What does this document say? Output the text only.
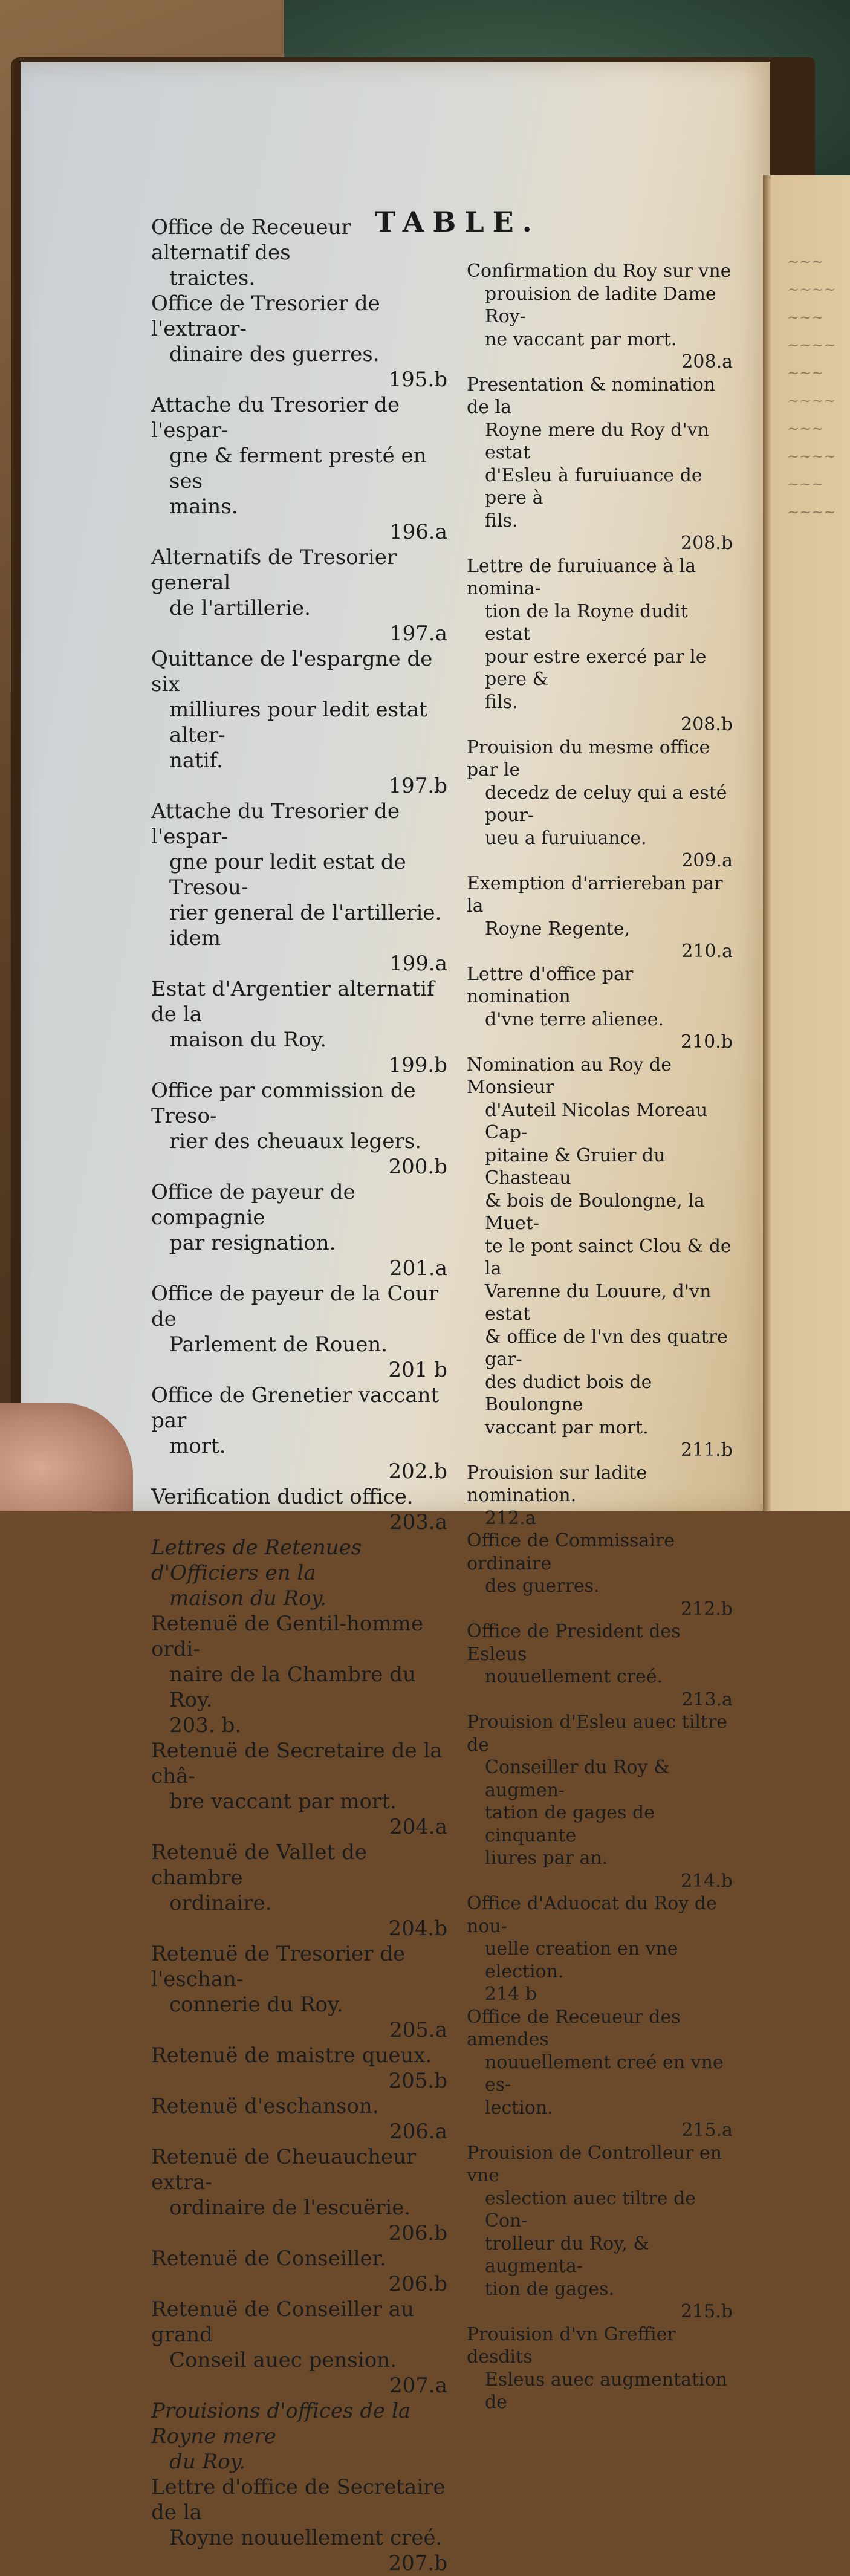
~~~
~~~~
~~~
~~~~
~~~
~~~~
~~~
~~~~
~~~
~~~~
TABLE.
Office de Receueur alternatif des
traictes.
Office de Tresorier de l'extraor-
dinaire des guerres.
195.b
Attache du Tresorier de l'espar-
gne & ferment presté en ses
mains.
196.a
Alternatifs de Tresorier general
de l'artillerie.
197.a
Quittance de l'espargne de six
milliures pour ledit estat alter-
natif.
197.b
Attache du Tresorier de l'espar-
gne pour ledit estat de Tresou-
rier general de l'artillerie.
idem
199.a
Estat d'Argentier alternatif de la
maison du Roy.
199.b
Office par commission de Treso-
rier des cheuaux legers.
200.b
Office de payeur de compagnie
par resignation.
201.a
Office de payeur de la Cour de
Parlement de Rouen.
201 b
Office de Grenetier vaccant par
mort.
202.b
Verification dudict office.
203.a
Lettres de Retenues d'Officiers en la
maison du Roy.
Retenuë de Gentil-homme ordi-
naire de la Chambre du Roy.
203. b.
Retenuë de Secretaire de la châ-
bre vaccant par mort.
204.a
Retenuë de Vallet de chambre
ordinaire.
204.b
Retenuë de Tresorier de l'eschan-
connerie du Roy.
205.a
Retenuë de maistre queux.
205.b
Retenuë d'eschanson.
206.a
Retenuë de Cheuaucheur extra-
ordinaire de l'escuërie.
206.b
Retenuë de Conseiller.
206.b
Retenuë de Conseiller au grand
Conseil auec pension.
207.a
Prouisions d'offices de la Royne mere
du Roy.
Lettre d'office de Secretaire de la
Royne nouuellement creé.
207.b
Confirmation du Roy sur vne
prouision de ladite Dame Roy-
ne vaccant par mort.
208.a
Presentation & nomination de la
Royne mere du Roy d'vn estat
d'Esleu à furuiuance de pere à
fils.
208.b
Lettre de furuiuance à la nomina-
tion de la Royne dudit estat
pour estre exercé par le pere &
fils.
208.b
Prouision du mesme office par le
decedz de celuy qui a esté pour-
ueu a furuiuance.
209.a
Exemption d'arriereban par la
Royne Regente,
210.a
Lettre d'office par nomination
d'vne terre alienee.
210.b
Nomination au Roy de Monsieur
d'Auteil Nicolas Moreau Cap-
pitaine & Gruier du Chasteau
& bois de Boulongne, la Muet-
te le pont sainct Clou & de la
Varenne du Louure, d'vn estat
& office de l'vn des quatre gar-
des dudict bois de Boulongne
vaccant par mort.
211.b
Prouision sur ladite nomination.
212.a
Office de Commissaire ordinaire
des guerres.
212.b
Office de President des Esleus
nouuellement creé.
213.a
Prouision d'Esleu auec tiltre de
Conseiller du Roy & augmen-
tation de gages de cinquante
liures par an.
214.b
Office d'Aduocat du Roy de nou-
uelle creation en vne election.
214 b
Office de Receueur des amendes
nouuellement creé en vne es-
lection.
215.a
Prouision de Controlleur en vne
eslection auec tiltre de Con-
trolleur du Roy, & augmenta-
tion de gages.
215.b
Prouision d'vn Greffier desdits
Esleus auec augmentation de
